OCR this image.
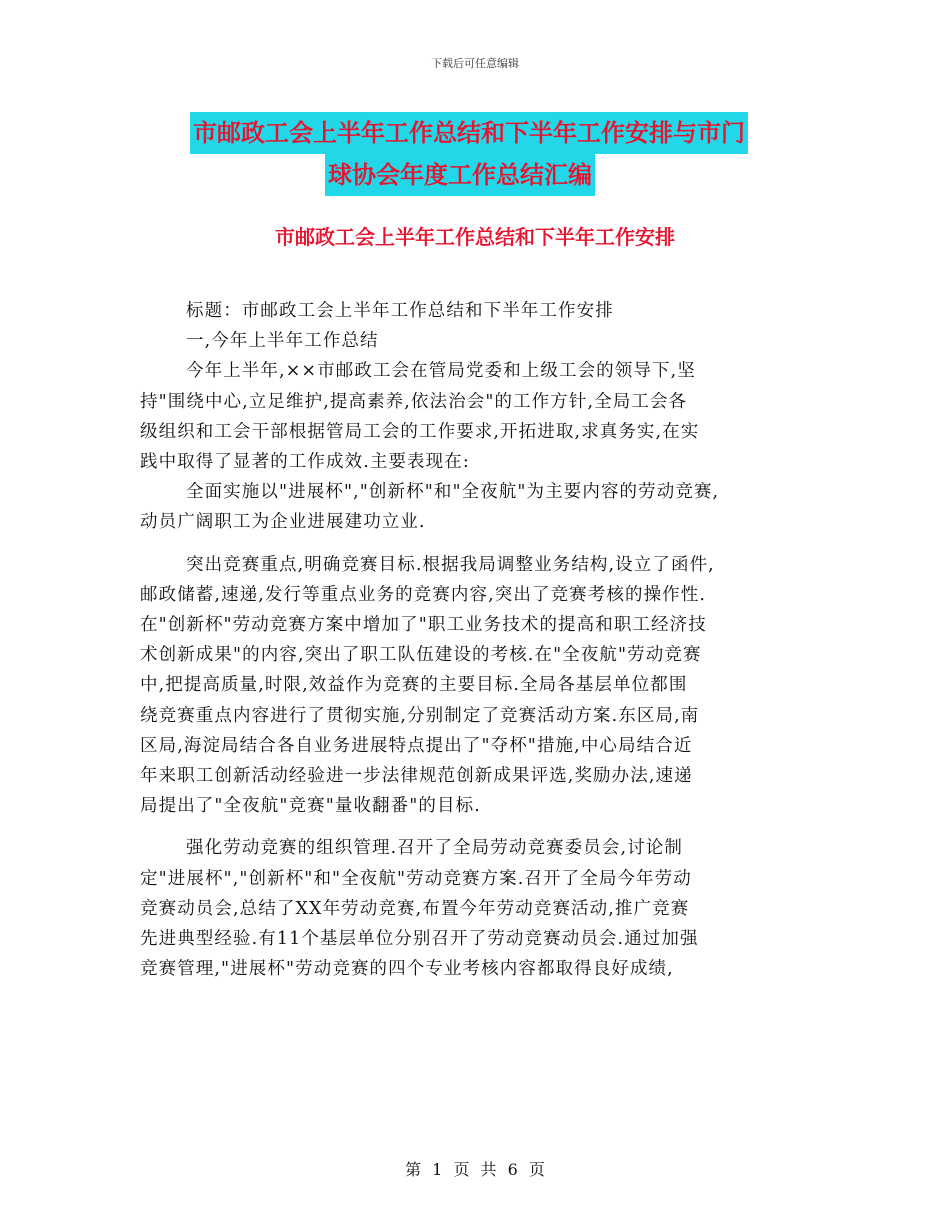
下载后可任意编辑
市邮政工会上半年工作总结和下半年工作安排与市门
球协会年度工作总结汇编
市邮政工会上半年工作总结和下半年工作安排
标题：市邮政工会上半年工作总结和下半年工作安排
一,今年上半年工作总结
今年上半年,××市邮政工会在管局党委和上级工会的领导下,坚
持"围绕中心,立足维护,提高素养,依法治会"的工作方针,全局工会各
级组织和工会干部根据管局工会的工作要求,开拓进取,求真务实,在实
践中取得了显著的工作成效.主要表现在:
全面实施以"进展杯","创新杯"和"全夜航"为主要内容的劳动竞赛,
动员广阔职工为企业进展建功立业.
突出竞赛重点,明确竞赛目标.根据我局调整业务结构,设立了函件,
邮政储蓄,速递,发行等重点业务的竞赛内容,突出了竞赛考核的操作性.
在"创新杯"劳动竞赛方案中增加了"职工业务技术的提高和职工经济技
术创新成果"的内容,突出了职工队伍建设的考核.在"全夜航"劳动竞赛
中,把提高质量,时限,效益作为竞赛的主要目标.全局各基层单位都围
绕竞赛重点内容进行了贯彻实施,分别制定了竞赛活动方案.东区局,南
区局,海淀局结合各自业务进展特点提出了"夺杯"措施,中心局结合近
年来职工创新活动经验进一步法律规范创新成果评选,奖励办法,速递
局提出了"全夜航"竞赛"量收翻番"的目标.
强化劳动竞赛的组织管理.召开了全局劳动竞赛委员会,讨论制
定"进展杯","创新杯"和"全夜航"劳动竞赛方案.召开了全局今年劳动
竞赛动员会,总结了XX年劳动竞赛,布置今年劳动竞赛活动,推广竞赛
先进典型经验.有11个基层单位分别召开了劳动竞赛动员会.通过加强
竞赛管理,"进展杯"劳动竞赛的四个专业考核内容都取得良好成绩,
第 1 页 共 6 页
